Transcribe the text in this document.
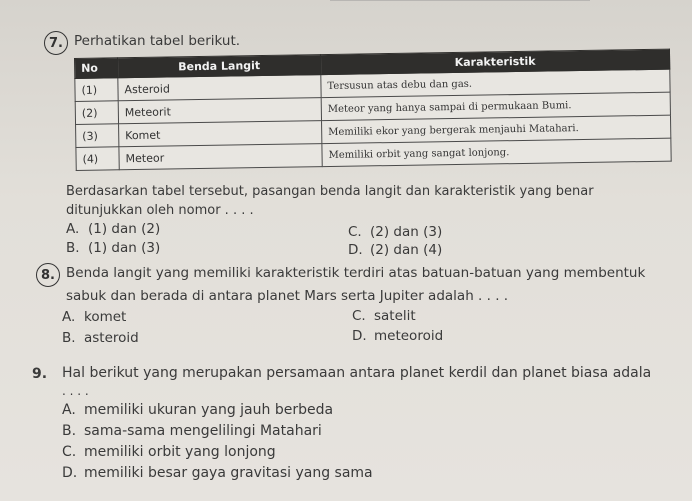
7. Perhatikan tabel berikut.
No	Benda Langit	Karakteristik
(1)	Asteroid	Tersusun atas debu dan gas.
(2)	Meteorit	Meteor yang hanya sampai di permukaan Bumi.
(3)	Komet	Memiliki ekor yang bergerak menjauhi Matahari.
(4)	Meteor	Memiliki orbit yang sangat lonjong.
Berdasarkan tabel tersebut, pasangan benda langit dan karakteristik yang benar
ditunjukkan oleh nomor . . . .
A. (1) dan (2)
B. (1) dan (3)
C. (2) dan (3)
D. (2) dan (4)
8. Benda langit yang memiliki karakteristik terdiri atas batuan-batuan yang membentuk
sabuk dan berada di antara planet Mars serta Jupiter adalah . . . .
A. komet
B. asteroid
C. satelit
D. meteoroid
9. Hal berikut yang merupakan persamaan antara planet kerdil dan planet biasa adala
. . . .
A. memiliki ukuran yang jauh berbeda
B. sama-sama mengelilingi Matahari
C. memiliki orbit yang lonjong
D. memiliki besar gaya gravitasi yang sama
